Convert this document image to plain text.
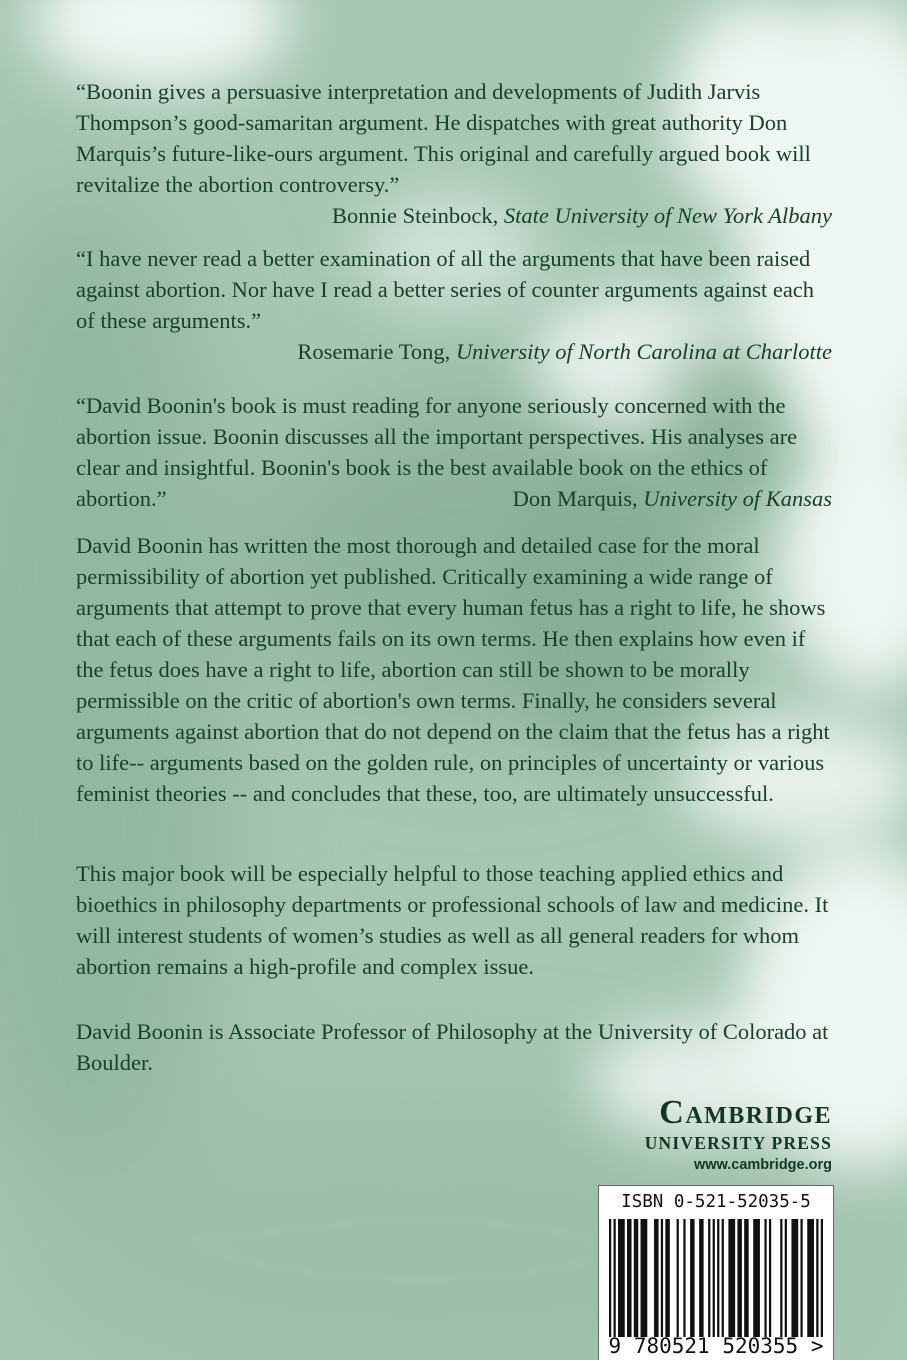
“Boonin gives a persuasive interpretation and developments of Judith Jarvis Thompson’s good-samaritan argument. He dispatches with great authority Don Marquis’s future-like-ours argument. This original and carefully argued book will revitalize the abortion controversy.”

Bonnie Steinbock, State University of New York Albany

“I have never read a better examination of all the arguments that have been raised against abortion. Nor have I read a better series of counter arguments against each of these arguments.”

Rosemarie Tong, University of North Carolina at Charlotte

“David Boonin's book is must reading for anyone seriously concerned with the

abortion issue. Boonin discusses all the important perspectives. His analyses are

clear and insightful. Boonin's book is the best available book on the ethics of

abortion.”	Don Marquis, University of Kansas

David Boonin has written the most thorough and detailed case for the moral permissibility of abortion yet published. Critically examining a wide range of arguments that attempt to prove that every human fetus has a right to life, he shows that each of these arguments fails on its own terms. He then explains how even if the fetus does have a right to life, abortion can still be shown to be morally permissible on the critic of abortion's own terms. Finally, he considers several arguments against abortion that do not depend on the claim that the fetus has a right to life-- arguments based on the golden rule, on principles of uncertainty or various feminist theories -- and concludes that these, too, are ultimately unsuccessful.

This major book will be especially helpful to those teaching applied ethics and bioethics in philosophy departments or professional schools of law and medicine. It will interest students of women’s studies as well as all general readers for whom abortion remains a high-profile and complex issue.

David Boonin is Associate Professor of Philosophy at the University of Colorado at Boulder.

Cambridge
UNIVERSITY PRESS
www.cambridge.org
ISBN 0-521-52035-5
9 780521 520355 >
